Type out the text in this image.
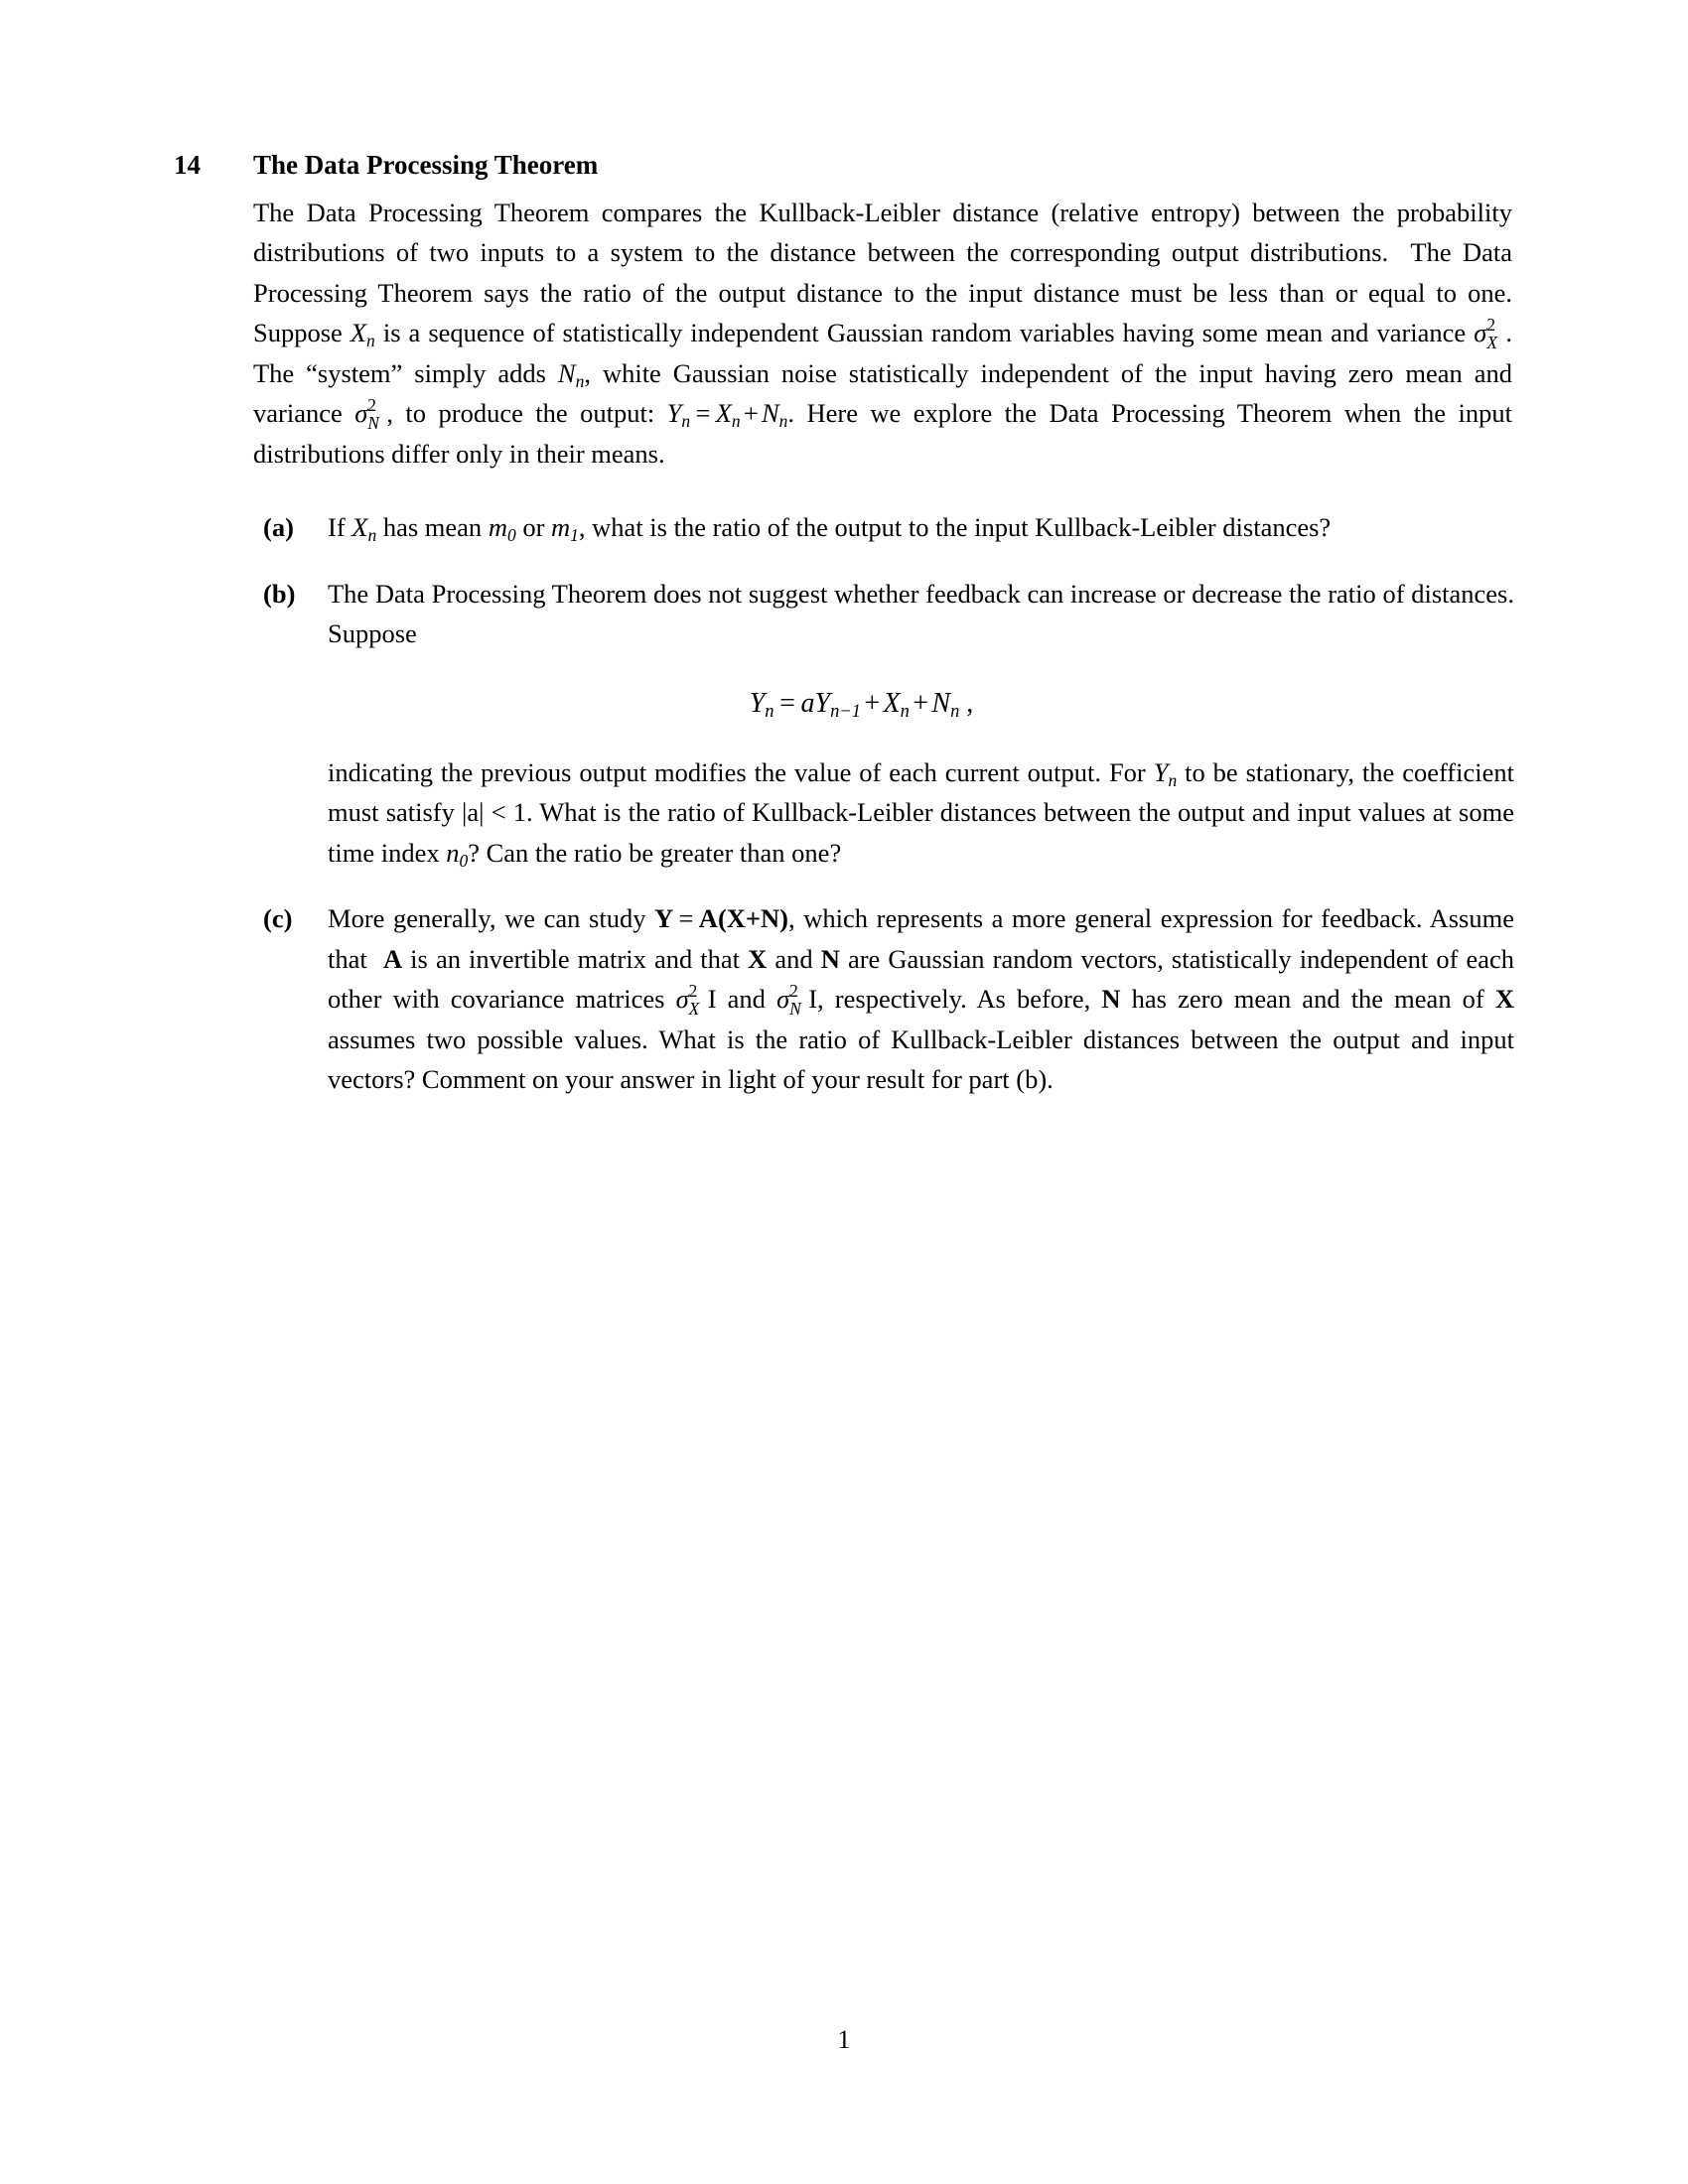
14	The Data Processing Theorem
The Data Processing Theorem compares the Kullback-Leibler distance (relative entropy) between the probability distributions of two inputs to a system to the distance between the corresponding output distributions. The Data Processing Theorem says the ratio of the output distance to the input distance must be less than or equal to one. Suppose $X_n$ is a sequence of statistically independent Gaussian random variables having some mean and variance σ 2
X . The “system” simply adds $N_n$, white Gaussian noise statistically independent of the input having zero mean and variance σ 2
N , to produce the output: $Y_n = X_n + N_n$. Here we explore the Data Processing Theorem when the input distributions differ only in their means.
(a)	If $X_n$ has mean $m_0$ or $m_1$, what is the ratio of the output to the input Kullback-Leibler distances?
(b)	The Data Processing Theorem does not suggest whether feedback can increase or decrease the ratio of distances. Suppose
$Y_n = aY_{n-1} + X_n + N_n$ ,
indicating the previous output modifies the value of each current output. For $Y_n$ to be stationary, the coefficient must satisfy |a| < 1. What is the ratio of Kullback-Leibler distances between the output and input values at some time index $n_0$? Can the ratio be greater than one?
(c)	More generally, we can study Y = A(X+N), which represents a more general expression for feedback. Assume that A is an invertible matrix and that X and N are Gaussian random vectors, statistically independent of each other with covariance matrices σ 2
X I and σ 2
N I, respectively. As before, N has zero mean and the mean of X assumes two possible values. What is the ratio of Kullback-Leibler distances between the output and input vectors? Comment on your answer in light of your result for part (b).
1
